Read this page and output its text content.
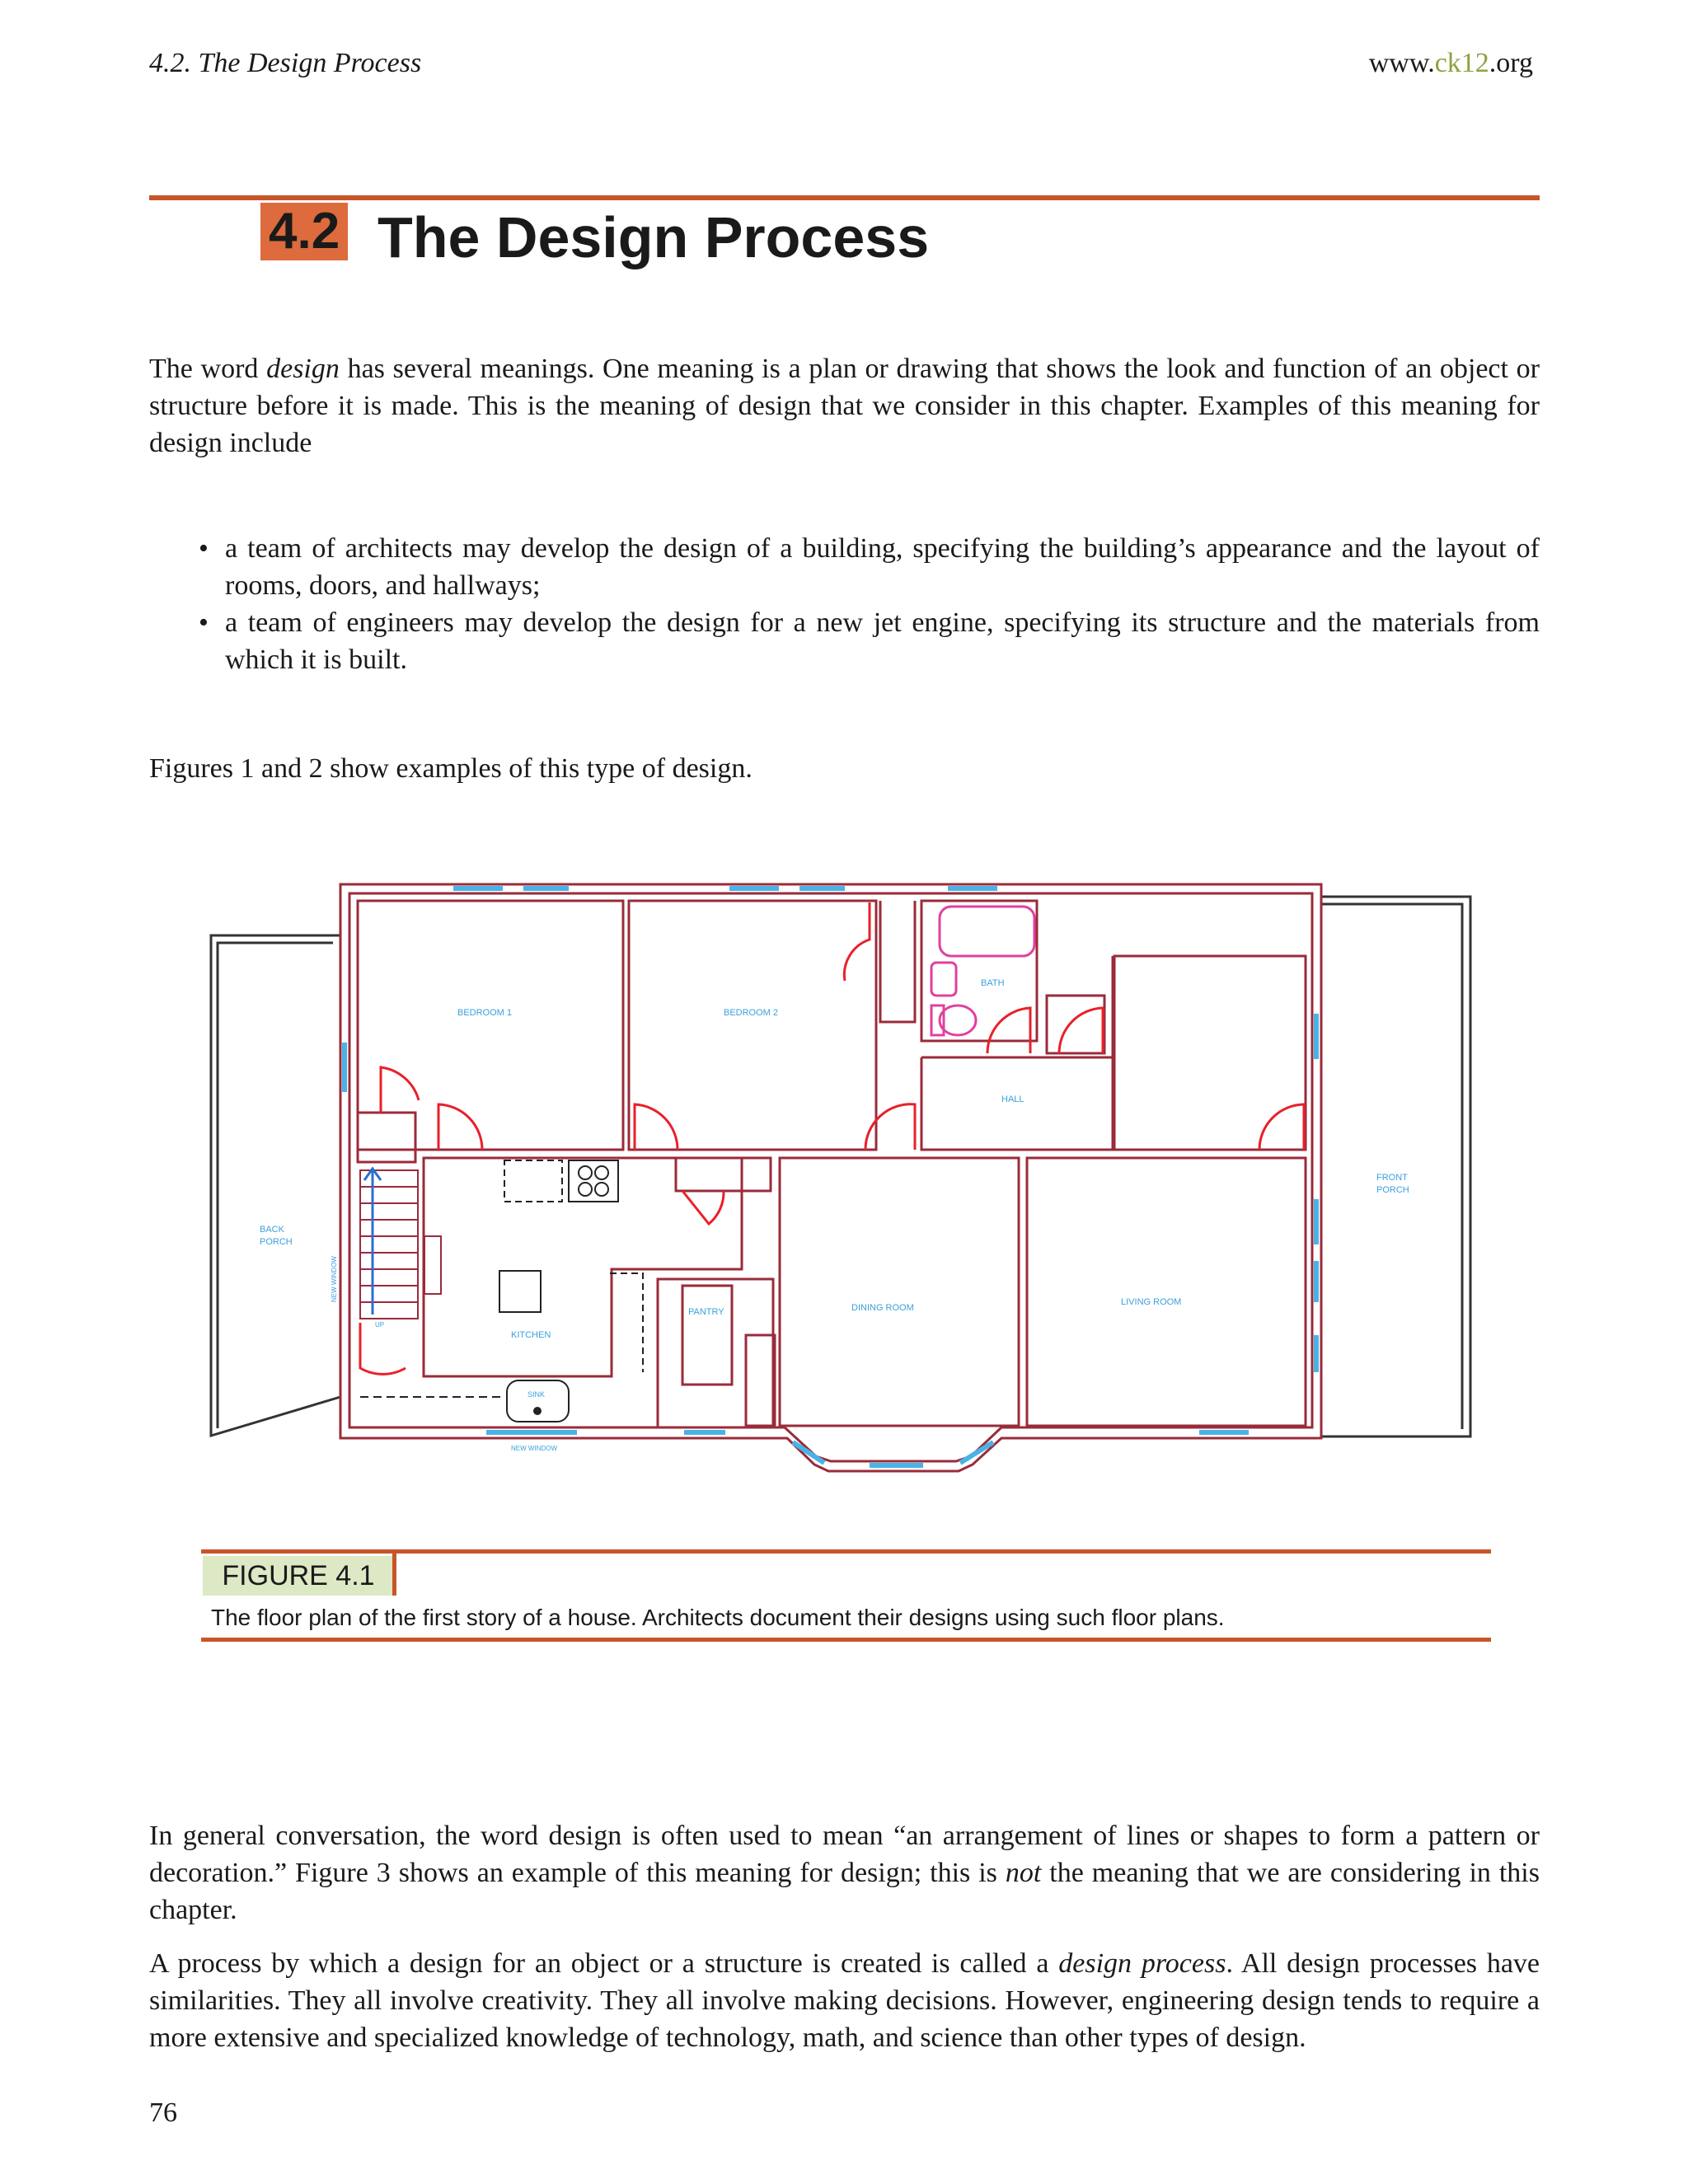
4.2. The Design Process	www.ck12.org
4.2 The Design Process
The word design has several meanings. One meaning is a plan or drawing that shows the look and function of an object or structure before it is made. This is the meaning of design that we consider in this chapter. Examples of this meaning for design include
• a team of architects may develop the design of a building, specifying the building’s appearance and the layout of rooms, doors, and hallways;
• a team of engineers may develop the design for a new jet engine, specifying its structure and the materials from which it is built.
Figures 1 and 2 show examples of this type of design.
BEDROOM 1	BEDROOM 2
BATH
HALL
BACK
PORCH
FRONT
PORCH
KITCHEN
PANTRY	DINING ROOM
LIVING ROOM
SINK
NEW WINDOW
UP
NEW WINDOW
FIGURE 4.1
The floor plan of the first story of a house. Architects document their designs using such floor plans.
In general conversation, the word design is often used to mean “an arrangement of lines or shapes to form a pattern or decoration.” Figure 3 shows an example of this meaning for design; this is not the meaning that we are considering in this chapter.
A process by which a design for an object or a structure is created is called a design process. All design processes have similarities. They all involve creativity. They all involve making decisions. However, engineering design tends to require a more extensive and specialized knowledge of technology, math, and science than other types of design.
76
